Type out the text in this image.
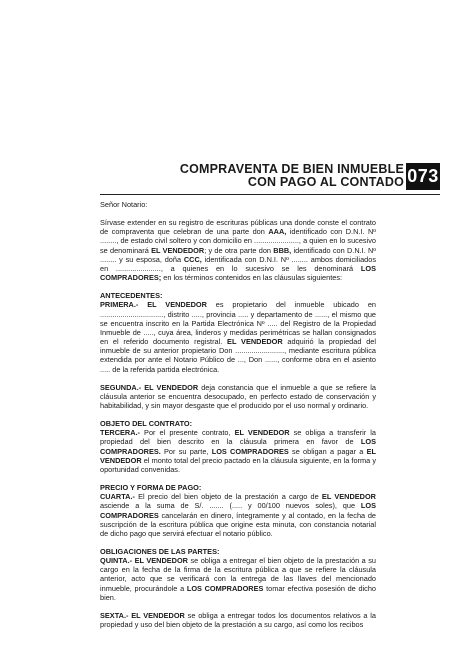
COMPRAVENTA DE BIEN INMUEBLE
CON PAGO AL CONTADO 073

Señor Notario:

Sírvase extender en su registro de escrituras públicas una donde conste el contrato de compraventa que celebran de una parte don AAA, identificado con D.N.I. Nº ........, de estado civil soltero y con domicilio en ......................, a quien en lo sucesivo se denominará EL VENDEDOR; y de otra parte don BBB, identificado con D.N.I. Nº ........ y su esposa, doña CCC, identificada con D.N.I. Nº ........ ambos domiciliados en ......................, a quienes en lo sucesivo se les denominará LOS COMPRADORES; en los términos contenidos en las cláusulas siguientes:

ANTECEDENTES:

PRIMERA.- EL VENDEDOR es propietario del inmueble ubicado en ..............................., distrito ....., provincia ..... y departamento de ......, el mismo que se encuentra inscrito en la Partida Electrónica Nº ..... del Registro de la Propiedad Inmueble de ....., cuya área, linderos y medidas perimétricas se hallan consignados en el referido documento registral. EL VENDEDOR adquirió la propiedad del inmueble de su anterior propietario Don ........................, mediante escritura pública extendida por ante el Notario Público de ..., Don ......, conforme obra en el asiento ..... de la referida partida electrónica.

SEGUNDA.- EL VENDEDOR deja constancia que el inmueble a que se refiere la cláusula anterior se encuentra desocupado, en perfecto estado de conservación y habitabilidad, y sin mayor desgaste que el producido por el uso normal y ordinario.

OBJETO DEL CONTRATO:

TERCERA.- Por el presente contrato, EL VENDEDOR se obliga a transferir la propiedad del bien descrito en la cláusula primera en favor de LOS COMPRADORES. Por su parte, LOS COMPRADORES se obligan a pagar a EL VENDEDOR el monto total del precio pactado en la cláusula siguiente, en la forma y oportunidad convenidas.

PRECIO Y FORMA DE PAGO:

CUARTA.- El precio del bien objeto de la prestación a cargo de EL VENDEDOR asciende a la suma de S/. ....... (..... y 00/100 nuevos soles), que LOS COMPRADORES cancelarán en dinero, íntegramente y al contado, en la fecha de suscripción de la escritura pública que origine esta minuta, con constancia notarial de dicho pago que servirá efectuar el notario público.

OBLIGACIONES DE LAS PARTES:

QUINTA.- EL VENDEDOR se obliga a entregar el bien objeto de la prestación a su cargo en la fecha de la firma de la escritura pública a que se refiere la cláusula anterior, acto que se verificará con la entrega de las llaves del mencionado inmueble, procurándole a LOS COMPRADORES tomar efectiva posesión de dicho bien.

SEXTA.- EL VENDEDOR se obliga a entregar todos los documentos relativos a la propiedad y uso del bien objeto de la prestación a su cargo, así como los recibos
